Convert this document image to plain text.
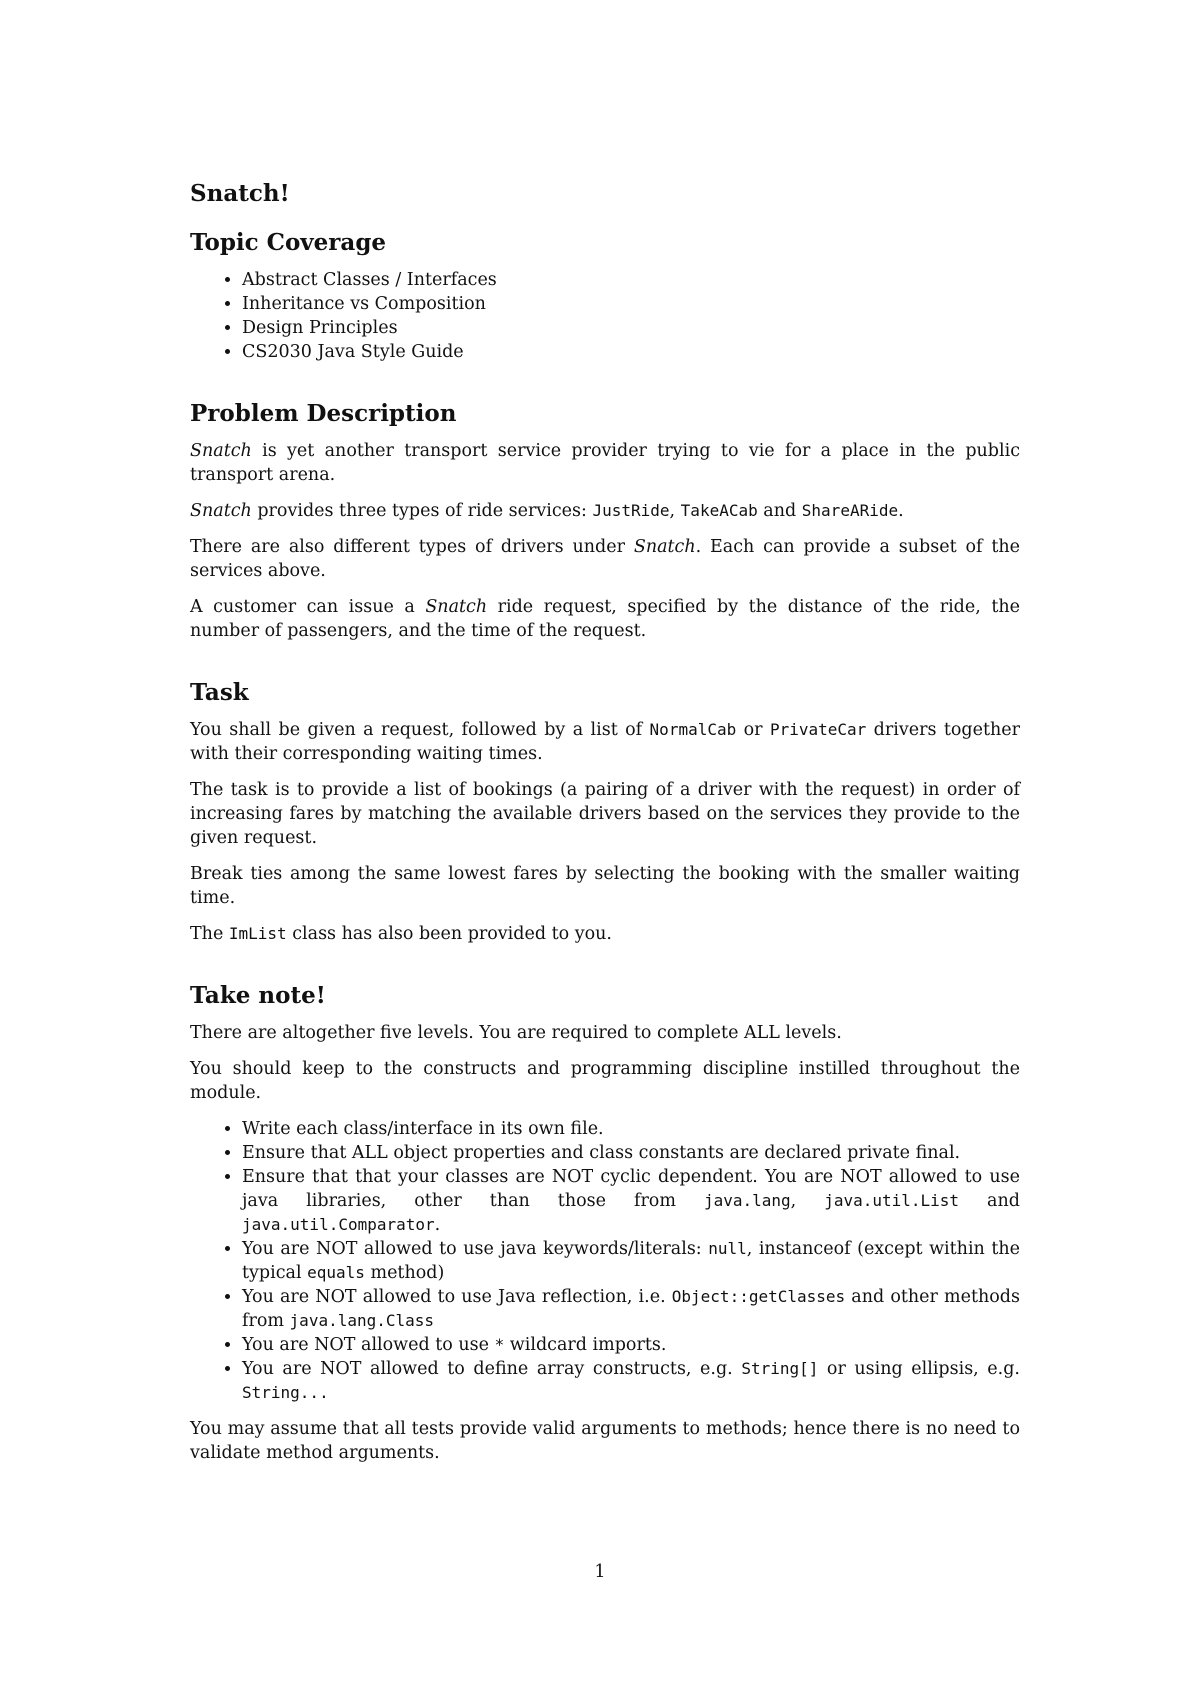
Snatch!
Topic Coverage
• Abstract Classes / Interfaces
• Inheritance vs Composition
• Design Principles
• CS2030 Java Style Guide
Problem Description

Snatch is yet another transport service provider trying to vie for a place in the public transport arena.

Snatch provides three types of ride services: JustRide, TakeACab and ShareARide.

There are also different types of drivers under Snatch. Each can provide a subset of the services above.

A customer can issue a Snatch ride request, specified by the distance of the ride, the number of passengers, and the time of the request.

Task

You shall be given a request, followed by a list of NormalCab or PrivateCar drivers together with their corresponding waiting times.

The task is to provide a list of bookings (a pairing of a driver with the request) in order of increasing fares by matching the available drivers based on the services they provide to the given request.

Break ties among the same lowest fares by selecting the booking with the smaller waiting time.

The ImList class has also been provided to you.

Take note!

There are altogether five levels. You are required to complete ALL levels.

You should keep to the constructs and programming discipline instilled throughout the module.

• Write each class/interface in its own file.
• Ensure that ALL object properties and class constants are declared private final.
• Ensure that that your classes are NOT cyclic dependent. You are NOT allowed to use java libraries, other than those from java.lang, java.util.List and java.util.Comparator.
• You are NOT allowed to use java keywords/literals: null, instanceof (except within the typical equals method)
• You are NOT allowed to use Java reflection, i.e. Object::getClasses and other methods from java.lang.Class
• You are NOT allowed to use * wildcard imports.
• You are NOT allowed to define array constructs, e.g. String[] or using ellipsis, e.g. String...

You may assume that all tests provide valid arguments to methods; hence there is no need to validate method arguments.

1
